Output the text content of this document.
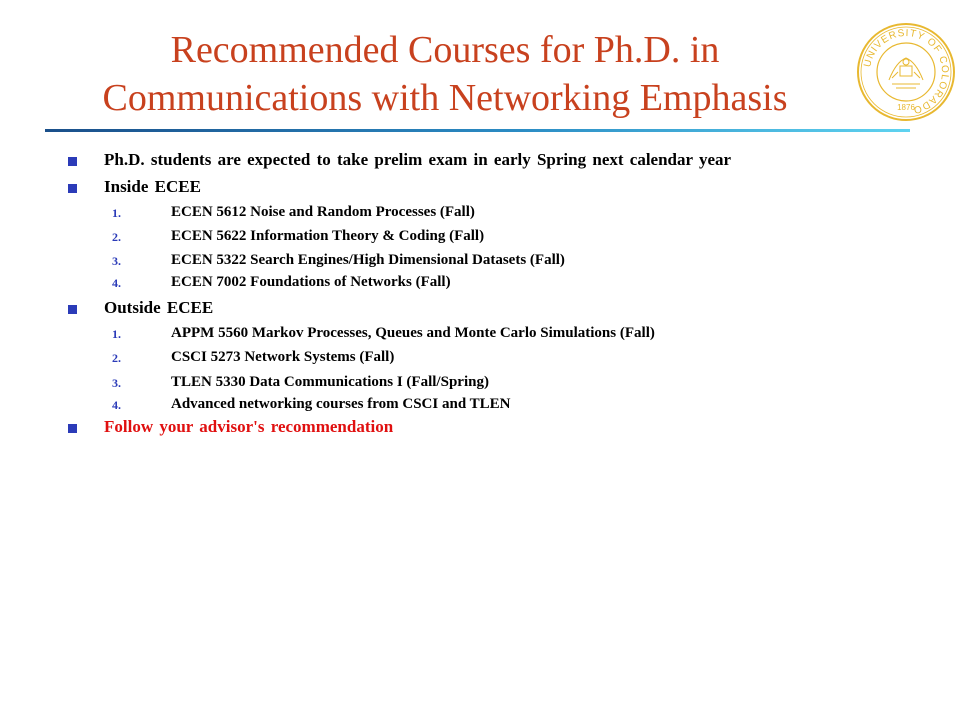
Recommended Courses for Ph.D. in
Communications with Networking Emphasis
UNIVERSITY OF COLORADO
1876
Ph.D. students are expected to take prelim exam in early Spring next calendar year
Inside ECEE
1.	ECEN 5612 Noise and Random Processes (Fall)
2.	ECEN 5622 Information Theory & Coding (Fall)
3.	ECEN 5322 Search Engines/High Dimensional Datasets (Fall)
4.	ECEN 7002 Foundations of Networks (Fall)
Outside ECEE
1.	APPM 5560 Markov Processes, Queues and Monte Carlo Simulations (Fall)
2.	CSCI 5273 Network Systems (Fall)
3.	TLEN 5330 Data Communications I (Fall/Spring)
4.	Advanced networking courses from CSCI and TLEN
Follow your advisor's recommendation
